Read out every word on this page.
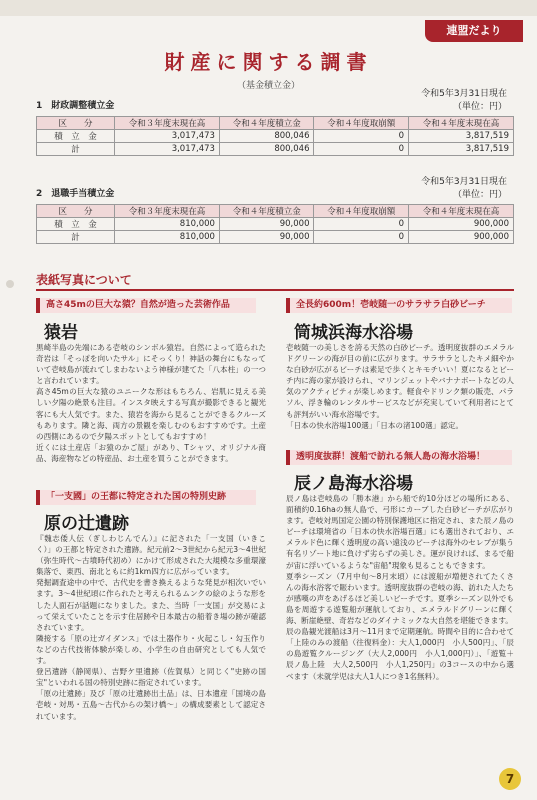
連盟だより
財産に関する調書
（基金積立金）
1　財政調整積立金
令和5年3月31日現在
（単位：円）
区　　分	令和３年度末現在高	令和４年度積立金	令和４年度取崩額	令和４年度末現在高
積　立　金	3,017,473	800,046	0	3,817,519
計	3,017,473	800,046	0	3,817,519
2　退職手当積立金
令和5年3月31日現在
（単位：円）
区　　分	令和３年度末現在高	令和４年度積立金	令和４年度取崩額	令和４年度末現在高
積　立　金	810,000	90,000	0	900,000
計	810,000	90,000	0	900,000
表紙写真について
高さ45mの巨大な猿？自然が造った芸術作品
猿岩

黒崎半島の先端にある壱岐のシンボル猿岩。自然によって造られた奇岩は「そっぽを向いたサル」にそっくり！神話の舞台にもなっていて壱岐島が流れてしまわないよう神様が建てた「八本柱」の一つと言われています。

高さ45mの巨大な猿のユニークな形はもちろん、岩肌に見える美しい夕陽の絶景も注目。インスタ映えする写真が撮影できると観光客にも大人気です。また、猿岩を海から見ることができるクルーズもあります。隣と海、両方の景観を楽しむのもおすすめです。土産の西側にあるので夕陽スポットとしてもおすすめ！

近くには土産店「お猿のかご屋」があり、Tシャツ、オリジナル商品、海産物などの特産品、お土産を買うことができます。

「一支國」の王都に特定された国の特別史跡
原の辻遺跡

『魏志倭人伝（ぎしわじんでん）』に記された「一支国（いきこく）」の王都と特定された遺跡。紀元前2〜3世紀から紀元3〜4世紀（弥生時代〜古墳時代初め）にかけて形成された大規模な多重環濠集落で、東西、南北ともに約1km四方に広がっています。

発掘調査途中の中で、古代史を書き換えるような発見が相次いでいます。3〜4世紀頃に作られたと考えられるムンクの絵のような形をした人面石が話題になりました。また、当時「一支国」が交易によって栄えていたことを示す住居跡や日本最古の船着き場の跡が確認されています。

隣接する「原の辻ガイダンス」では土器作り・火起こし・勾玉作りなどの古代技術体験が楽しめ、小学生の自由研究としても人気です。

登呂遺跡（静岡県）、吉野ケ里遺跡（佐賀県）と同じく"史跡の国宝"といわれる国の特別史跡に指定されています。

「原の辻遺跡」及び「原の辻遺跡出土品」は、日本遺産「国境の島　壱岐・対馬・五島〜古代からの架け橋〜」の構成要素として認定されています。

全長約600m！壱岐随一のサラサラ白砂ビーチ
筒城浜海水浴場

壱岐随一の美しさを誇る天然の白砂ビーチ。透明度抜群のエメラルドグリーンの海が目の前に広がります。サラサラとしたキメ細やかな白砂が広がるビーチは素足で歩くとキモチいい！夏になるとビーチ内に海の家が設けられ、マリンジェットやバナナボートなどの人気のアクティビティが楽しめます。軽食やドリンク類の販売、パラソル、浮き輪のレンタルサービスなどが充実していて利用者にとても評判がいい海水浴場です。

「日本の快水浴場100選」「日本の渚100選」認定。

透明度抜群！渡船で訪れる無人島の海水浴場！
辰ノ島海水浴場

辰ノ島は壱岐島の「勝本港」から船で約10分ほどの場所にある、面積約0.16haの無人島で、弓形にカーブした白砂ビーチが広がります。壱岐対馬国定公園の特別保護地区に指定され、また辰ノ島のビーチは環境省の「日本の快水浴場百選」にも選出されており、エメラルド色に輝く透明度の高い遠浅のビーチは海外のセレブが集う有名リゾート地に負けず劣らずの美しさ。運が良ければ、まるで船が宙に浮いているような"宙船"現象も見ることもできます。

夏季シーズン（7月中旬〜8月末頃）には渡船が増便されてたくさんの海水浴客で賑わいます。透明度抜群の壱岐の海、訪れた人たちが感嘆の声をあげるほど美しいビーチです。夏季シーズン以外でも島を周遊する遊覧船が運航しており、エメラルドグリーンに輝く海、断崖絶壁、奇岩などのダイナミックな大自然を堪能できます。

辰の島観光渡船は3月〜11月まで定期運航。時間や目的に合わせて「上陸のみの渡船（往復料金）：大人1,000円　小人500円」、「辰の島遊覧クルージング（大人2,000円　小人1,000円）」、「遊覧＋辰ノ島上陸　大人2,500円　小人1,250円」の3コースの中から選べます（未就学児は大人1人につき1名無料）。

7
